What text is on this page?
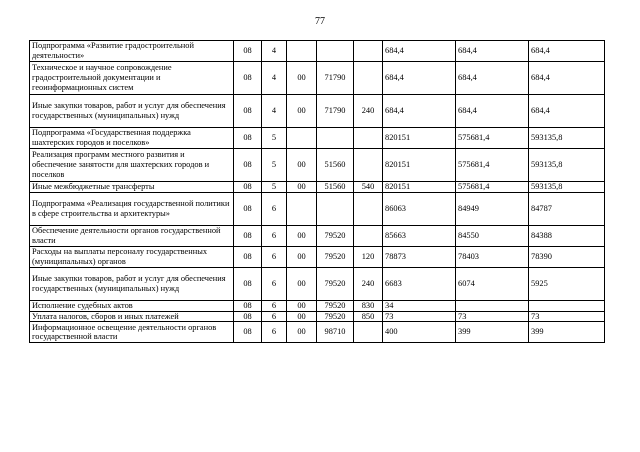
77
Подпрограмма «Развитие градостроительной деятельности»	08	4				684,4	684,4	684,4
Техническое и научное сопровождение градостроительной документации и геоинформационных систем	08	4	00	71790		684,4	684,4	684,4
Иные закупки товаров, работ и услуг для обеспечения государственных (муниципальных) нужд	08	4	00	71790	240	684,4	684,4	684,4
Подпрограмма «Государственная поддержка шахтерских городов и поселков»	08	5				820151	575681,4	593135,8
Реализация программ местного развития и обеспечение занятости для шахтерских городов и поселков	08	5	00	51560		820151	575681,4	593135,8
Иные межбюджетные трансферты	08	5	00	51560	540	820151	575681,4	593135,8
Подпрограмма «Реализация государственной политики в сфере строительства и архитектуры»	08	6				86063	84949	84787
Обеспечение деятельности органов государственной власти	08	6	00	79520		85663	84550	84388
Расходы на выплаты персоналу государственных (муниципальных) органов	08	6	00	79520	120	78873	78403	78390
Иные закупки товаров, работ и услуг для обеспечения государственных (муниципальных) нужд	08	6	00	79520	240	6683	6074	5925
Исполнение судебных актов	08	6	00	79520	830	34		
Уплата налогов, сборов и иных платежей	08	6	00	79520	850	73	73	73
Информационное освещение деятельности органов государственной власти	08	6	00	98710		400	399	399
